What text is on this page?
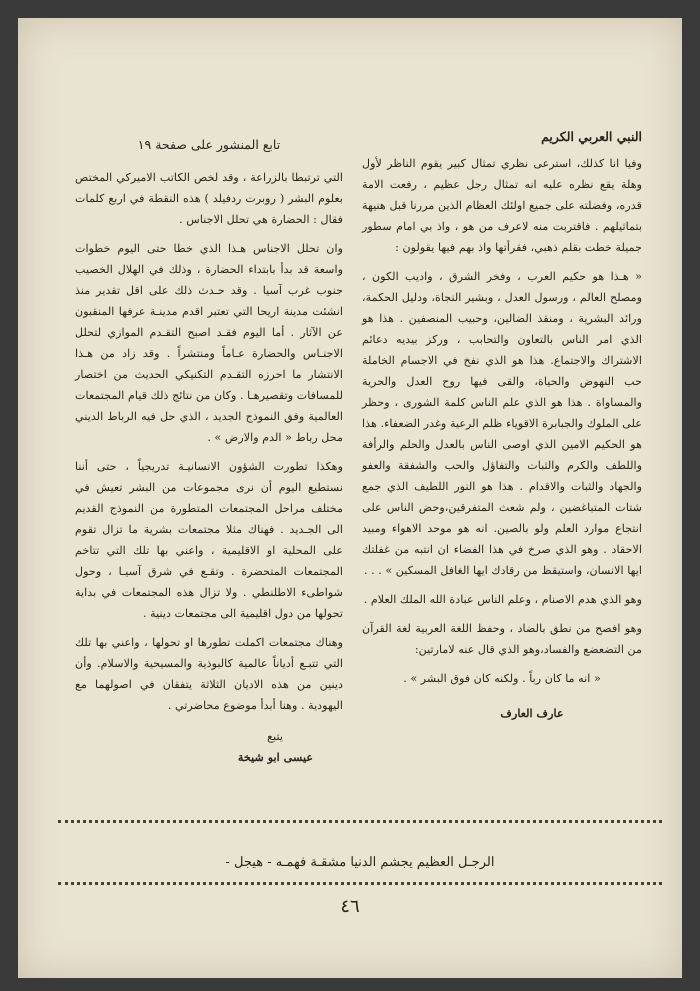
النبي العربي الكريم

وفيا انا كذلك، استرعى نظري تمثال كبير يقوم الناظر لأول وهلة يقع نظره عليه انه تمثال رجل عظيم ، رفعت الامة قدره، وفضلته على جميع اولئك العظام الذين مررنا قبل هنيهة بتماثيلهم . فاقتربت منه لاعرف من هو ، واذ بي امام سطور جميلة خطت بقلم ذهبي، فقرأتها واذ بهم فيها يقولون :

« هـذا هو حكيم العرب ، وفخر الشرق ، واديب الكون ، ومصلح العالم ، ورسول العدل ، وبشير النجاة، ودليل الحكمة، ورائد البشرية ، ومنقذ الضالين، وحبيب المنصفين . هذا هو الذي امر الناس بالتعاون والتحابب ، وركز بيديه دعائم الاشتراك والاجتماع. هذا هو الذي نفخ في الاجسام الخاملة حب النهوض والحياة، والقى فيها روح العدل والحرية والمساواة . هذا هو الذي علم الناس كلمة الشورى ، وحظر على الملوك والجبابرة الاقوياء ظلم الرعية وغدر الضعفاء. هذا هو الحكيم الامين الذي اوصى الناس بالعدل والحلم والرأفة واللطف والكرم والثبات والتفاؤل والحب والشفقة والعفو والجهاد والثبات والاقدام . هذا هو النور اللطيف الذي جمع شتات المتباغضين ، ولم شعث المتفرقين،وحض الناس على انتجاع موارد العلم ولو بالصين. انه هو موحد الاهواء ومبيد الاحقاد . وهو الذي صرخ في هذا الفضاء ان انتبه من غفلتك ايها الانسان، واستيقظ من رقادك ايها الغافل المسكين » . . .

وهو الذي هدم الاصنام ، وعلم الناس عبادة الله الملك العلام .

وهو افصح من نطق بالضاد ، وحفظ اللغة العربية لغة القرآن من التضعضع والفساد،وهو الذي قال عنه لامارتين:

« انه ما كان رباً . ولكنه كان فوق البشر » .
عارف العارف
تابع المنشور على صفحة ١٩

التي ترتبطا بالزراعة ، وقد لخص الكاتب الاميركي المختص بعلوم البشر ( روبرت ردفيلد ) هذه النقطة في اربع كلمات فقال : الحضارة هي تحلل الاجناس .

وان تحلل الاجناس هـذا الذي خطا حتى اليوم خطوات واسعة قد بدأ بابتداء الحضارة ، وذلك في الهلال الخصيب جنوب غرب آسيا . وقد حـدث ذلك على اقل تقدير منذ انشئت مدينة اريحا التي تعتبر اقدم مدينـة عرفها المنقبون عن الآثار . أما اليوم فقـد اصبح التقـدم الموازي لتحلل الاجنـاس والحضارة عـاماً ومنتشراً . وقد زاد من هـذا الانتشار ما احرزه التقـدم التكنيكي الحديث من اختصار للمسافات وتقصيرهـا . وكان من نتائج ذلك قيام المجتمعات العالمية وفق النموذج الجديد ، الذي حل فيه الرباط الديني محل رباط « الدم والارض » .

وهكذا تطورت الشؤون الانسانيـة تدريجياً ، حتى أننا نستطيع اليوم أن نرى مجموعات من البشر تعيش في مختلف مراحل المجتمعات المتطورة من النموذج القديم الى الجـديد . فهناك مثلا مجتمعات بشرية ما تزال تقوم على المحلية او الاقليمية ، واعني بها تلك التي تتاخم المجتمعات المتحضرة . وتقـع في شرق آسيـا ، وحول شواطىء الاطلنطي . ولا تزال هذه المجتمعات في بداية تحولها من دول اقليمية الى مجتمعات دينية .

وهناك مجتمعات اكملت تطورها او تحولها ، واعني بها تلك التي تتبـع أدياناً عالمية كالبوذية والمسيحية والاسلام. وأن دينين من هذه الاديان الثلاثة يتفقان في اصولهما مع اليهودية . وهنا أبدأ موضوع محاضرتي .

يتبع
عيسى ابو شيخة
الرجـل العظيم يجشم الدنيا مشقـة فهمـه - هيجل -
٤٦
